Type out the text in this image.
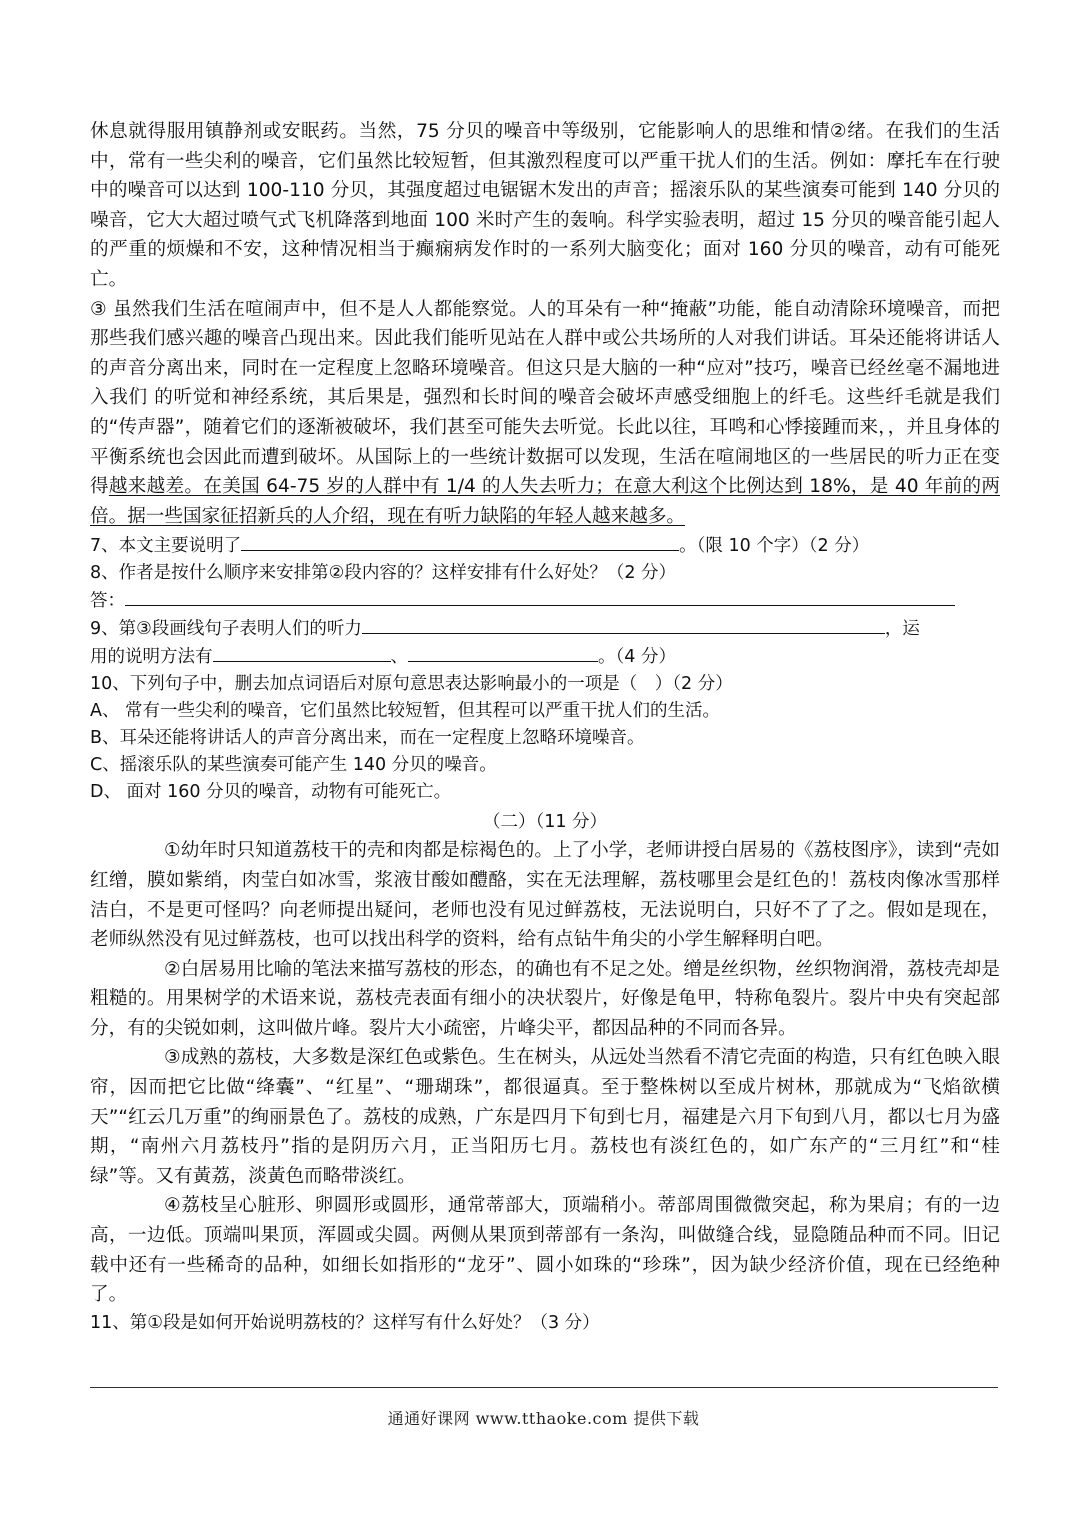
休息就得服用镇静剂或安眠药。当然，75 分贝的噪音中等级别，它能影响人的思维和情②绪。在我们的生活中，常有一些尖利的噪音，它们虽然比较短暂，但其激烈程度可以严重干扰人们的生活。例如：摩托车在行驶中的噪音可以达到 100-110 分贝，其强度超过电锯锯木发出的声音；摇滚乐队的某些演奏可能到 140 分贝的噪音，它大大超过喷气式飞机降落到地面 100 米时产生的轰响。科学实验表明，超过 15 分贝的噪音能引起人的严重的烦燥和不安，这种情况相当于癫痫病发作时的一系列大脑变化；面对 160 分贝的噪音，动有可能死亡。

③ 虽然我们生活在喧闹声中，但不是人人都能察觉。人的耳朵有一种“掩蔽”功能，能自动清除环境噪音，而把那些我们感兴趣的噪音凸现出来。因此我们能听见站在人群中或公共场所的人对我们讲话。耳朵还能将讲话人的声音分离出来，同时在一定程度上忽略环境噪音。但这只是大脑的一种“应对”技巧，噪音已经丝毫不漏地进入我们 的听觉和神经系统，其后果是，强烈和长时间的噪音会破坏声感受细胞上的纤毛。这些纤毛就是我们的“传声器”，随着它们的逐渐被破坏，我们甚至可能失去听觉。长此以往，耳鸣和心悸接踵而来，，并且身体的平衡系统也会因此而遭到破坏。从国际上的一些统计数据可以发现，生活在喧闹地区的一些居民的听力正在变得越来越差。在美国 64-75 岁的人群中有 1/4 的人失去听力；在意大利这个比例达到 18%，是 40 年前的两倍。据一些国家征招新兵的人介绍，现在有听力缺陷的年轻人越来越多。

7、本文主要说明了	。（限 10 个字）（2 分）

8、作者是按什么顺序来安排第②段内容的？这样安排有什么好处？（2 分）

答：

9、第③段画线句子表明人们的听力	，运

用的说明方法有	、	。（4 分）

10、下列句子中，删去加点词语后对原句意思表达影响最小的一项是（　）（2 分）

A、 常有一些尖利的噪音，它们虽然比较短暂，但其程可以严重干扰人们的生活。

B、耳朵还能将讲话人的声音分离出来，而在一定程度上忽略环境噪音。

C、摇滚乐队的某些演奏可能产生 140 分贝的噪音。

D、 面对 160 分贝的噪音，动物有可能死亡。

（二）（11 分）

①幼年时只知道荔枝干的壳和肉都是棕褐色的。上了小学，老师讲授白居易的《荔枝图序》，读到“壳如红缯，膜如紫绡，肉莹白如冰雪，浆液甘酸如醴酪，实在无法理解，荔枝哪里会是红色的！荔枝肉像冰雪那样洁白，不是更可怪吗？向老师提出疑问，老师也没有见过鲜荔枝，无法说明白，只好不了了之。假如是现在，老师纵然没有见过鲜荔枝，也可以找出科学的资料，给有点钻牛角尖的小学生解释明白吧。

②白居易用比喻的笔法来描写荔枝的形态，的确也有不足之处。缯是丝织物，丝织物润滑，荔枝壳却是粗糙的。用果树学的术语来说，荔枝壳表面有细小的决状裂片，好像是龟甲，特称龟裂片。裂片中央有突起部分，有的尖锐如刺，这叫做片峰。裂片大小疏密，片峰尖平，都因品种的不同而各异。

③成熟的荔枝，大多数是深红色或紫色。生在树头，从远处当然看不清它壳面的构造，只有红色映入眼帘，因而把它比做“绛囊”、“红星”、“珊瑚珠”，都很逼真。至于整株树以至成片树林，那就成为“飞焰欲横天”“红云几万重”的绚丽景色了。荔枝的成熟，广东是四月下旬到七月，福建是六月下旬到八月，都以七月为盛期，“南州六月荔枝丹”指的是阴历六月，正当阳历七月。荔枝也有淡红色的，如广东产的“三月红”和“桂绿”等。又有黃荔，淡黃色而略带淡红。

④荔枝呈心脏形、卵圆形或圆形，通常蒂部大，顶端稍小。蒂部周围微微突起，称为果肩；有的一边高，一边低。顶端叫果顶，浑圆或尖圆。两侧从果顶到蒂部有一条沟，叫做缝合线，显隐随品种而不同。旧记载中还有一些稀奇的品种，如细长如指形的“龙牙”、圆小如珠的“珍珠”，因为缺少经济价值，现在已经绝种了。

11、第①段是如何开始说明荔枝的？这样写有什么好处？（3 分）

通通好课网 www.tthaoke.com 提供下载
